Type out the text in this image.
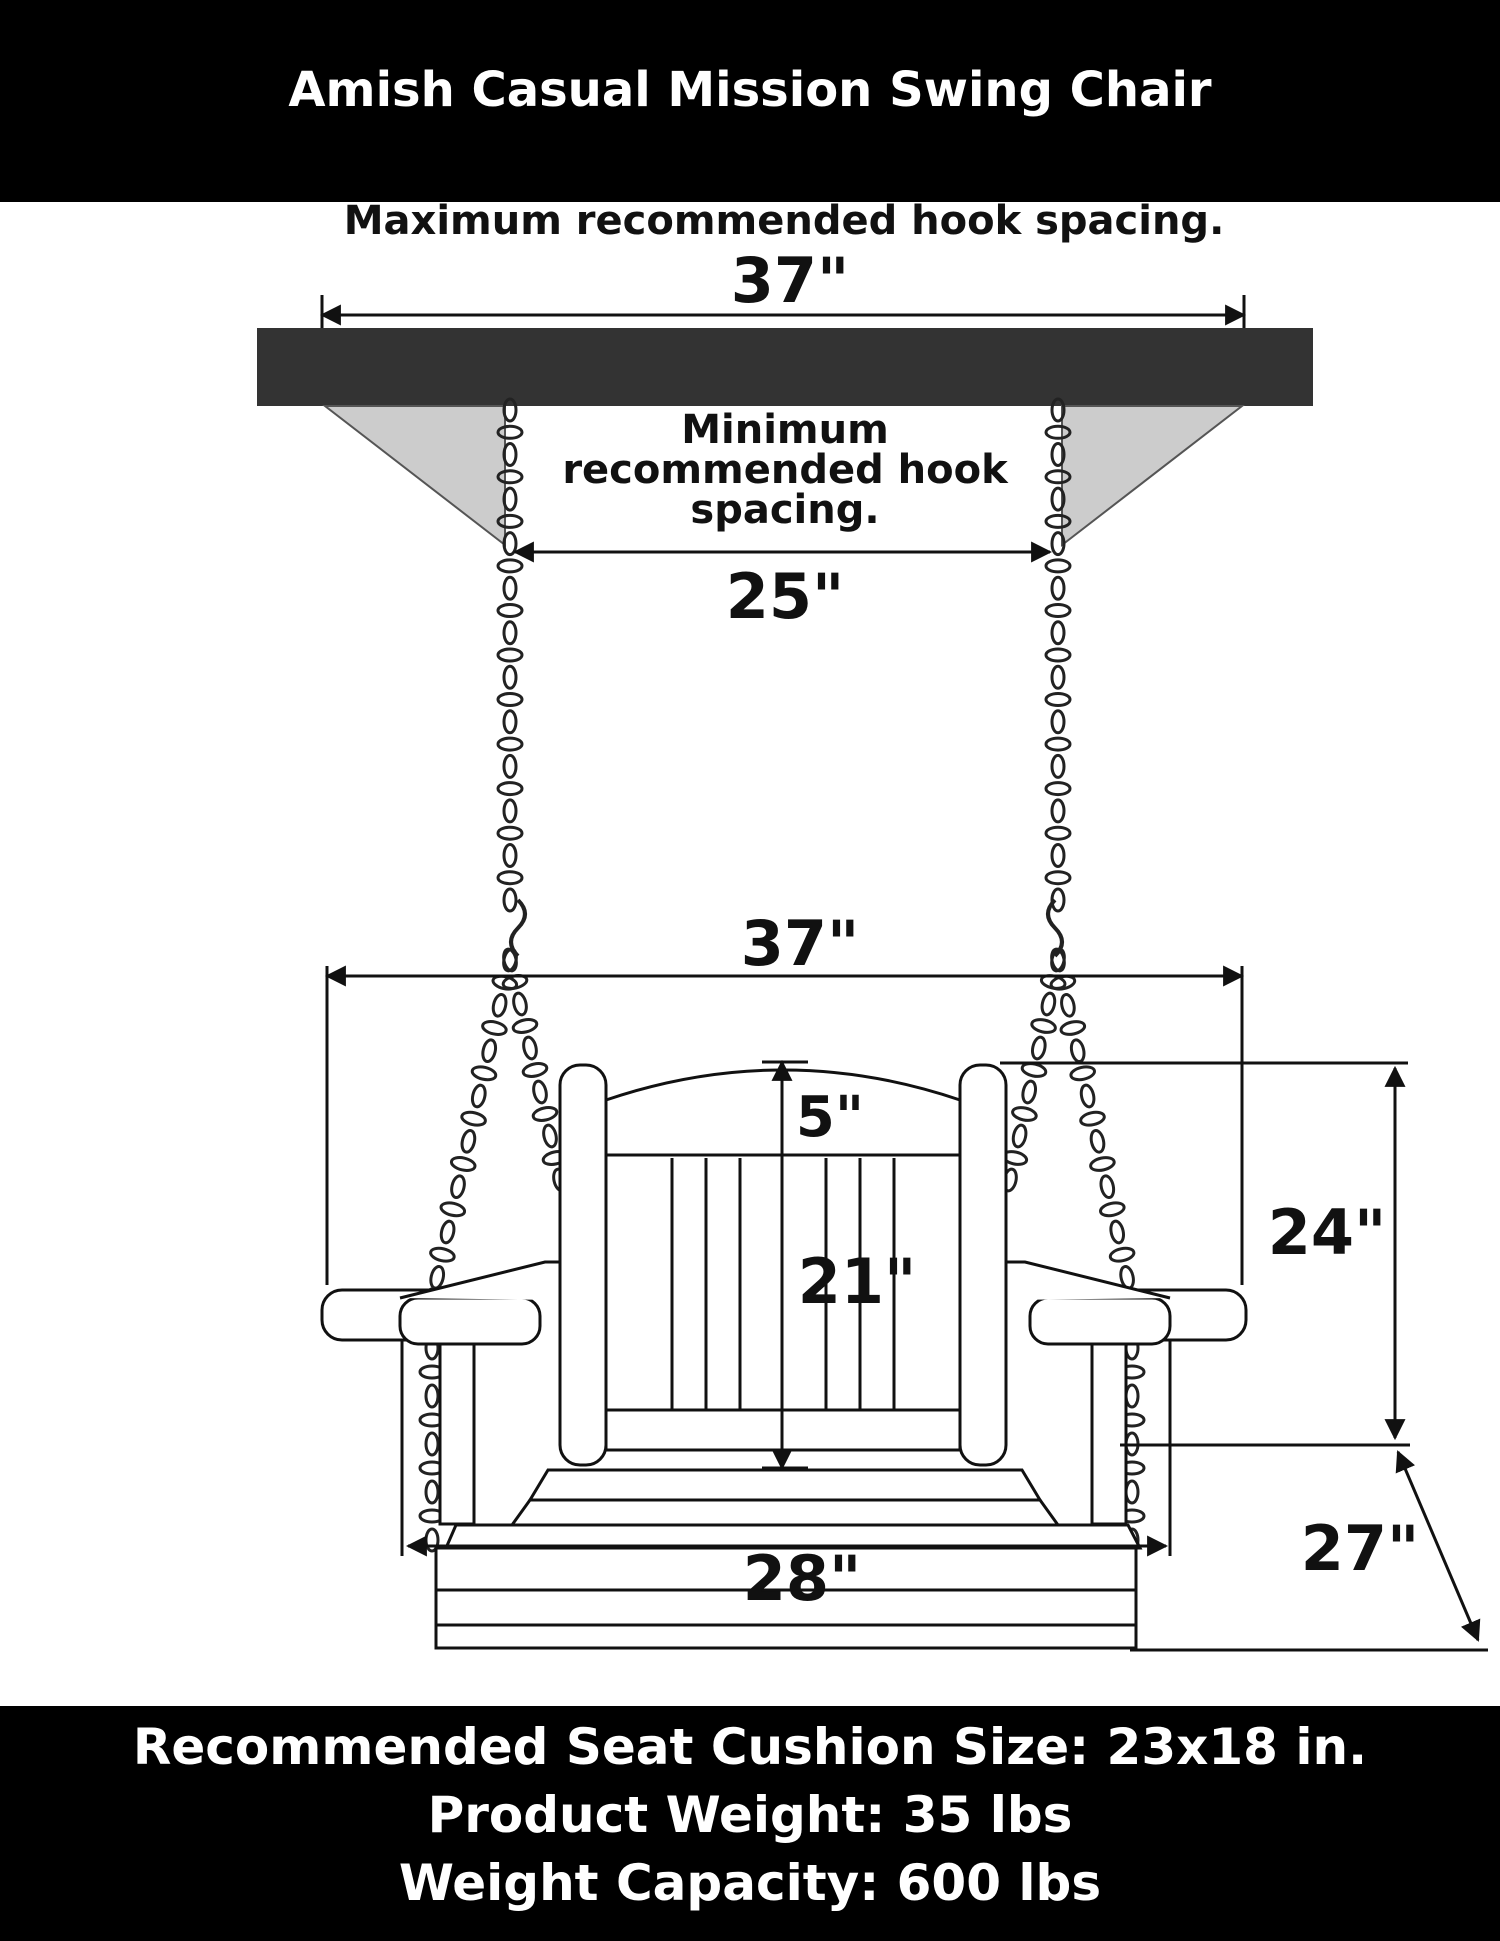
Amish Casual Mission Swing Chair
Maximum recommended hook spacing.
37"
Minimum
recommended hook
spacing.
25"
37"
5"
21"
24"
28"	27"
Recommended Seat Cushion Size: 23x18 in.
Product Weight: 35 lbs
Weight Capacity: 600 lbs
